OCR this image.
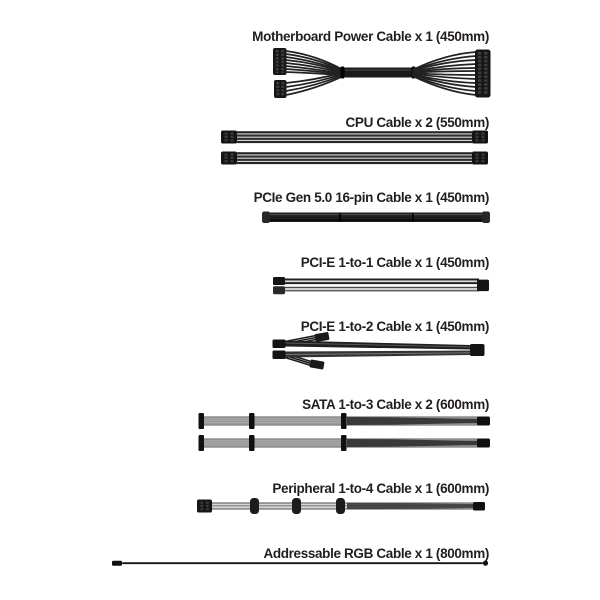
Motherboard Power Cable x 1 (450mm)
CPU Cable x 2 (550mm)
PCIe Gen 5.0 16-pin Cable x 1 (450mm)
PCI-E 1-to-1 Cable x 1 (450mm)
PCI-E 1-to-2 Cable x 1 (450mm)
SATA 1-to-3 Cable x 2 (600mm)
Peripheral 1-to-4 Cable x 1 (600mm)
Addressable RGB Cable x 1 (800mm)
